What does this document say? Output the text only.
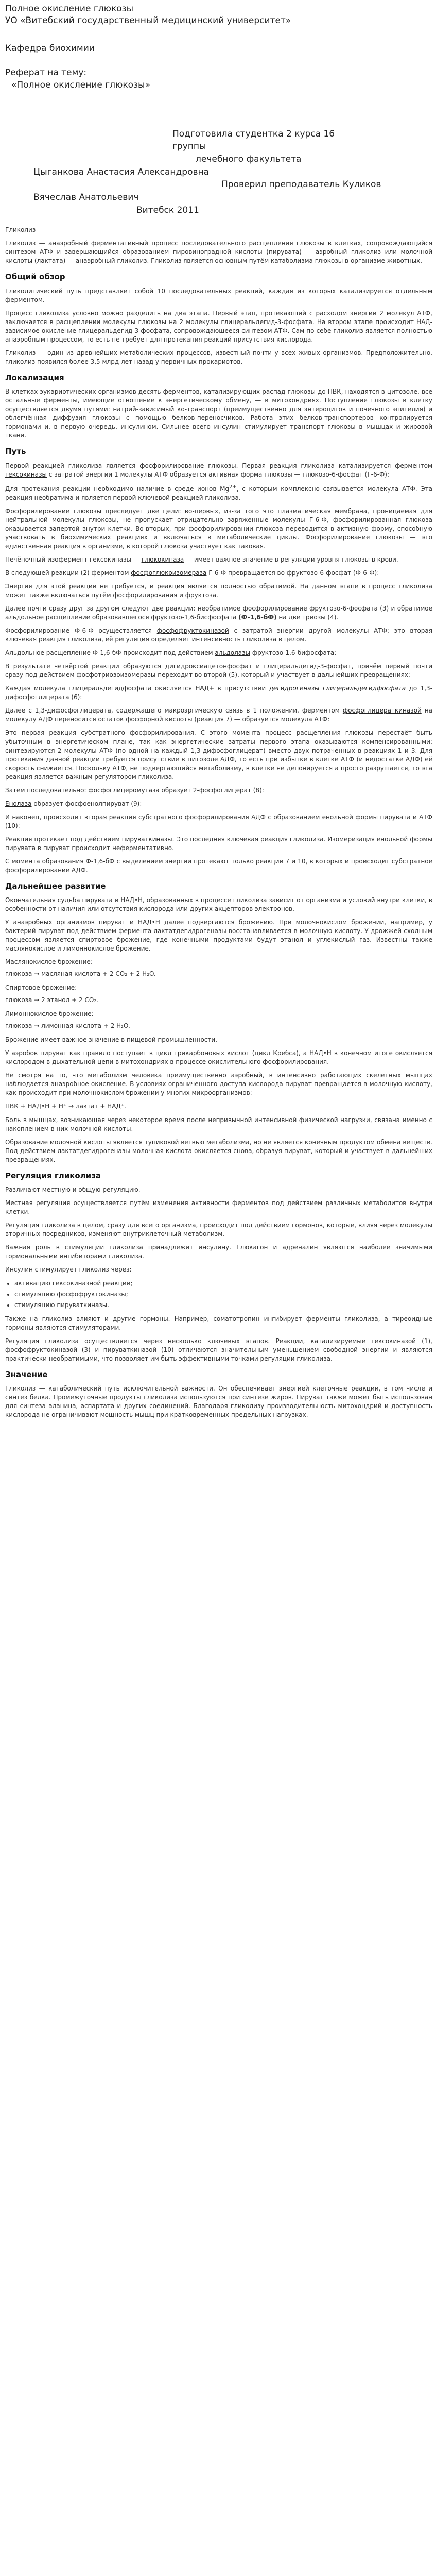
Полное окисление глюкозы
УО «Витебский государственный медицинский университет»
Кафедра биохимии
Реферат на тему:
«Полное окисление глюкозы»
Подготовила студентка 2 курса 16
группы
лечебного факультета
Цыганкова Анастасия Александровна
Проверил преподаватель Куликов
Вячеслав Анатольевич
Витебск 2011

Гликолиз

Гликолиз — анаэробный ферментативный процесс последовательного расщепления глюкозы в клетках, сопровождающийся синтезом АТФ и завершающийся образованием пировиноградной кислоты (пирувата) — аэробный гликолиз или молочной кислоты (лактата) — анаэробный гликолиз. Гликолиз является основным путём катаболизма глюкозы в организме животных.

Общий обзор

Гликолитический путь представляет собой 10 последовательных реакций, каждая из которых катализируется отдельным ферментом.

Процесс гликолиза условно можно разделить на два этапа. Первый этап, протекающий с расходом энергии 2 молекул АТФ, заключается в расщеплении молекулы глюкозы на 2 молекулы глицеральдегид-3-фосфата. На втором этапе происходит НАД-зависимое окисление глицеральдегид-3-фосфата, сопровождающееся синтезом АТФ. Сам по себе гликолиз является полностью анаэробным процессом, то есть не требует для протекания реакций присутствия кислорода.

Гликолиз — один из древнейших метаболических процессов, известный почти у всех живых организмов. Предположительно, гликолиз появился более 3,5 млрд лет назад у первичных прокариотов.

Локализация

В клетках эукариотических организмов десять ферментов, катализирующих распад глюкозы до ПВК, находятся в цитозоле, все остальные ферменты, имеющие отношение к энергетическому обмену, — в митохондриях. Поступление глюкозы в клетку осуществляется двумя путями: натрий-зависимый ко-транспорт (преимущественно для энтероцитов и почечного эпителия) и облегчённая диффузия глюкозы с помощью белков-переносчиков. Работа этих белков-транспортеров контролируется гормонами и, в первую очередь, инсулином. Сильнее всего инсулин стимулирует транспорт глюкозы в мышцах и жировой ткани.

Путь

Первой реакцией гликолиза является фосфорилирование глюкозы. Первая реакция гликолиза катализируется ферментом гексокиназы с затратой энергии 1 молекулы АТФ образуется активная форма глюкозы — глюкозо-6-фосфат (Г-6-Ф):

Для протекания реакции необходимо наличие в среде ионов $Mg^{2+}$, с которым комплексно связывается молекула АТФ. Эта реакция необратима и является первой ключевой реакцией гликолиза.

Фосфорилирование глюкозы преследует две цели: во-первых, из-за того что плазматическая мембрана, проницаемая для нейтральной молекулы глюкозы, не пропускает отрицательно заряженные молекулы Г-6-Ф, фосфорилированная глюкоза оказывается запертой внутри клетки. Во-вторых, при фосфорилировании глюкоза переводится в активную форму, способную участвовать в биохимических реакциях и включаться в метаболические циклы. Фосфорилирование глюкозы — это единственная реакция в организме, в которой глюкоза участвует как таковая.

Печёночный изофермент гексокиназы — глюкокиназа — имеет важное значение в регуляции уровня глюкозы в крови.

В следующей реакции (2) ферментом фосфоглюкоизомераза Г-6-Ф превращается во фруктозо-6-фосфат (Ф-6-Ф):

Энергия для этой реакции не требуется, и реакция является полностью обратимой. На данном этапе в процесс гликолиза может также включаться путём фосфорилирования и фруктоза.

Далее почти сразу друг за другом следуют две реакции: необратимое фосфорилирование фруктозо-6-фосфата (3) и обратимое альдольное расщепление образовавшегося фруктозо-1,6-бисфосфата (Ф-1,6-бФ) на две триозы (4).

Фосфорилирование Ф-6-Ф осуществляется фосфофруктокиназой с затратой энергии другой молекулы АТФ; это вторая ключевая реакция гликолиза, её регуляция определяет интенсивность гликолиза в целом.

Альдольное расщепление Ф-1,6-бФ происходит под действием альдолазы фруктозо-1,6-бифосфата:

В результате четвёртой реакции образуются дигидроксиацетонфосфат и глицеральдегид-3-фосфат, причём первый почти сразу под действием фосфотриозоизомеразы переходит во второй (5), который и участвует в дальнейших превращениях:

Каждая молекула глицеральдегидфосфата окисляется НАД+ в присутствии дегидрогеназы глицеральдегидфосфата до 1,3-дифосфоглицерата (6):

Далее с 1,3-дифосфоглицерата, содержащего макроэргическую связь в 1 положении, ферментом фосфоглицераткиназой на молекулу АДФ переносится остаток фосфорной кислоты (реакция 7) — образуется молекула АТФ:

Это первая реакция субстратного фосфорилирования. С этого момента процесс расщепления глюкозы перестаёт быть убыточным в энергетическом плане, так как энергетические затраты первого этапа оказываются компенсированными: синтезируются 2 молекулы АТФ (по одной на каждый 1,3-дифосфоглицерат) вместо двух потраченных в реакциях 1 и 3. Для протекания данной реакции требуется присутствие в цитозоле АДФ, то есть при избытке в клетке АТФ (и недостатке АДФ) её скорость снижается. Поскольку АТФ, не подвергающийся метаболизму, в клетке не депонируется а просто разрушается, то эта реакция является важным регулятором гликолиза.

Затем последовательно: фосфоглицеромутаза образует 2-фосфоглицерат (8):

Енолаза образует фосфоенолпируват (9):

И наконец, происходит вторая реакция субстратного фосфорилирования АДФ с образованием енольной формы пирувата и АТФ (10):

Реакция протекает под действием пируваткиназы. Это последняя ключевая реакция гликолиза. Изомеризация енольной формы пирувата в пируват происходит неферментативно.

С момента образования Ф-1,6-бФ с выделением энергии протекают только реакции 7 и 10, в которых и происходит субстратное фосфорилирование АДФ.

Дальнейшее развитие

Окончательная судьба пирувата и НАД•Н, образованных в процессе гликолиза зависит от организма и условий внутри клетки, в особенности от наличия или отсутствия кислорода или других акцепторов электронов.

У анаэробных организмов пируват и НАД•Н далее подвергаются брожению. При молочнокислом брожении, например, у бактерий пируват под действием фермента лактатдегидрогеназы восстанавливается в молочную кислоту. У дрожжей сходным процессом является спиртовое брожение, где конечными продуктами будут этанол и углекислый газ. Известны также маслянокислое и лимоннокислое брожение.

Маслянокислое брожение:

глюкоза → масляная кислота + 2 CO₂ + 2 H₂O.

Спиртовое брожение:

глюкоза → 2 этанол + 2 CO₂.

Лимоннокислое брожение:

глюкоза → лимонная кислота + 2 H₂O.

Брожение имеет важное значение в пищевой промышленности.

У аэробов пируват как правило поступает в цикл трикарбоновых кислот (цикл Кребса), а НАД•Н в конечном итоге окисляется кислородом в дыхательной цепи в митохондриях в процессе окислительного фосфорилирования.

Не смотря на то, что метаболизм человека преимущественно аэробный, в интенсивно работающих скелетных мышцах наблюдается анаэробное окисление. В условиях ограниченного доступа кислорода пируват превращается в молочную кислоту, как происходит при молочнокислом брожении у многих микроорганизмов:

ПВК + НАД•Н + H⁺ → лактат + НАД⁺.

Боль в мышцах, возникающая через некоторое время после непривычной интенсивной физической нагрузки, связана именно с накоплением в них молочной кислоты.

Образование молочной кислоты является тупиковой ветвью метаболизма, но не является конечным продуктом обмена веществ. Под действием лактатдегидрогеназы молочная кислота окисляется снова, образуя пируват, который и участвует в дальнейших превращениях.

Регуляция гликолиза

Различают местную и общую регуляцию.

Местная регуляция осуществляется путём изменения активности ферментов под действием различных метаболитов внутри клетки.

Регуляция гликолиза в целом, сразу для всего организма, происходит под действием гормонов, которые, влияя через молекулы вторичных посредников, изменяют внутриклеточный метаболизм.

Важная роль в стимуляции гликолиза принадлежит инсулину. Глюкагон и адреналин являются наиболее значимыми гормональными ингибиторами гликолиза.

Инсулин стимулирует гликолиз через:

• активацию гексокиназной реакции;
• стимуляцию фосфофруктокиназы;
• стимуляцию пируваткиназы.

Также на гликолиз влияют и другие гормоны. Например, соматотропин ингибирует ферменты гликолиза, а тиреоидные гормоны являются стимуляторами.

Регуляция гликолиза осуществляется через несколько ключевых этапов. Реакции, катализируемые гексокиназой (1), фосфофруктокиназой (3) и пируваткиназой (10) отличаются значительным уменьшением свободной энергии и являются практически необратимыми, что позволяет им быть эффективными точками регуляции гликолиза.

Значение

Гликолиз — катаболический путь исключительной важности. Он обеспечивает энергией клеточные реакции, в том числе и синтез белка. Промежуточные продукты гликолиза используются при синтезе жиров. Пируват также может быть использован для синтеза аланина, аспартата и других соединений. Благодаря гликолизу производительность митохондрий и доступность кислорода не ограничивают мощность мышц при кратковременных предельных нагрузках.
